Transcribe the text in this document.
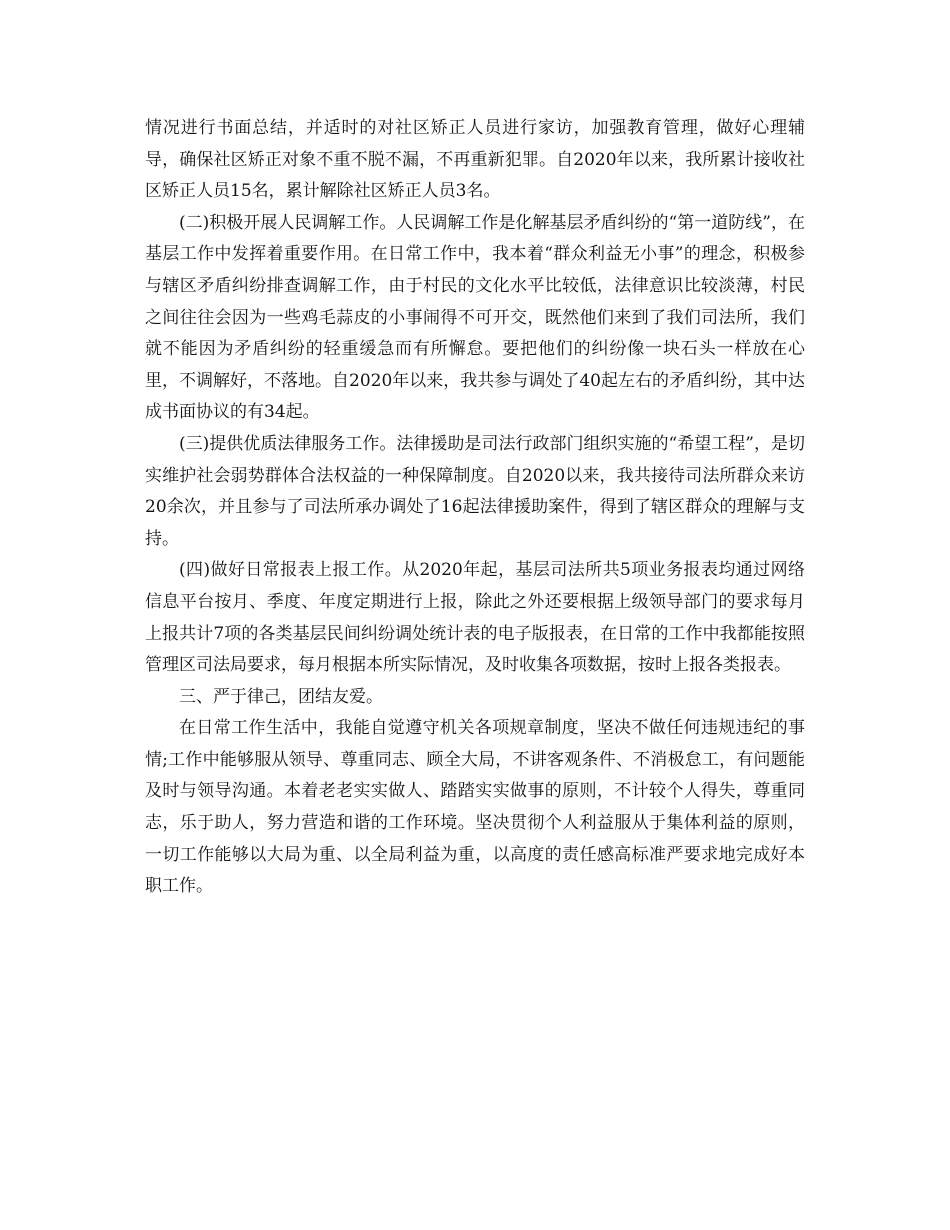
情况进行书面总结，并适时的对社区矫正人员进行家访，加强教育管理，做好心理辅导，确保社区矫正对象不重不脱不漏，不再重新犯罪。自2020年以来，我所累计接收社区矫正人员15名，累计解除社区矫正人员3名。

(二)积极开展人民调解工作。人民调解工作是化解基层矛盾纠纷的“第一道防线”，在基层工作中发挥着重要作用。在日常工作中，我本着“群众利益无小事”的理念，积极参与辖区矛盾纠纷排查调解工作，由于村民的文化水平比较低，法律意识比较淡薄，村民之间往往会因为一些鸡毛蒜皮的小事闹得不可开交，既然他们来到了我们司法所，我们就不能因为矛盾纠纷的轻重缓急而有所懈怠。要把他们的纠纷像一块石头一样放在心里，不调解好，不落地。自2020年以来，我共参与调处了40起左右的矛盾纠纷，其中达成书面协议的有34起。

(三)提供优质法律服务工作。法律援助是司法行政部门组织实施的“希望工程”，是切实维护社会弱势群体合法权益的一种保障制度。自2020以来，我共接待司法所群众来访20余次，并且参与了司法所承办调处了16起法律援助案件，得到了辖区群众的理解与支持。

(四)做好日常报表上报工作。从2020年起，基层司法所共5项业务报表均通过网络信息平台按月、季度、年度定期进行上报，除此之外还要根据上级领导部门的要求每月上报共计7项的各类基层民间纠纷调处统计表的电子版报表，在日常的工作中我都能按照管理区司法局要求，每月根据本所实际情况，及时收集各项数据，按时上报各类报表。

三、严于律己，团结友爱。

在日常工作生活中，我能自觉遵守机关各项规章制度，坚决不做任何违规违纪的事情;工作中能够服从领导、尊重同志、顾全大局，不讲客观条件、不消极怠工，有问题能及时与领导沟通。本着老老实实做人、踏踏实实做事的原则，不计较个人得失，尊重同志，乐于助人，努力营造和谐的工作环境。坚决贯彻个人利益服从于集体利益的原则，一切工作能够以大局为重、以全局利益为重，以高度的责任感高标准严要求地完成好本职工作。
